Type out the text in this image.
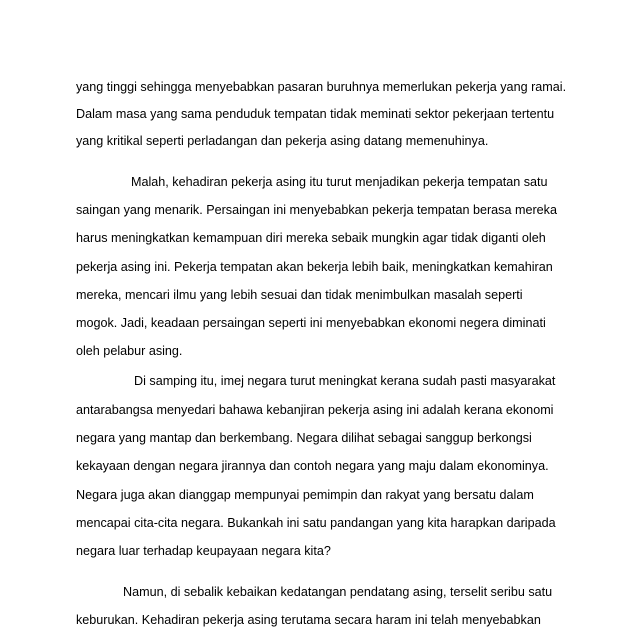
yang tinggi sehingga menyebabkan pasaran buruhnya memerlukan pekerja yang ramai.
Dalam masa yang sama penduduk tempatan tidak meminati sektor pekerjaan tertentu
yang kritikal seperti perladangan dan pekerja asing datang memenuhinya.
Malah, kehadiran pekerja asing itu turut menjadikan pekerja tempatan satu
saingan yang menarik. Persaingan ini menyebabkan pekerja tempatan berasa mereka
harus meningkatkan kemampuan diri mereka sebaik mungkin agar tidak diganti oleh
pekerja asing ini. Pekerja tempatan akan bekerja lebih baik, meningkatkan kemahiran
mereka, mencari ilmu yang lebih sesuai dan tidak menimbulkan masalah seperti
mogok. Jadi, keadaan persaingan seperti ini menyebabkan ekonomi negera diminati
oleh pelabur asing.
Di samping itu, imej negara turut meningkat kerana sudah pasti masyarakat
antarabangsa menyedari bahawa kebanjiran pekerja asing ini adalah kerana ekonomi
negara yang mantap dan berkembang. Negara dilihat sebagai sanggup berkongsi
kekayaan dengan negara jirannya dan contoh negara yang maju dalam ekonominya.
Negara juga akan dianggap mempunyai pemimpin dan rakyat yang bersatu dalam
mencapai cita-cita negara. Bukankah ini satu pandangan yang kita harapkan daripada
negara luar terhadap keupayaan negara kita?
Namun, di sebalik kebaikan kedatangan pendatang asing, terselit seribu satu
keburukan. Kehadiran pekerja asing terutama secara haram ini telah menyebabkan
